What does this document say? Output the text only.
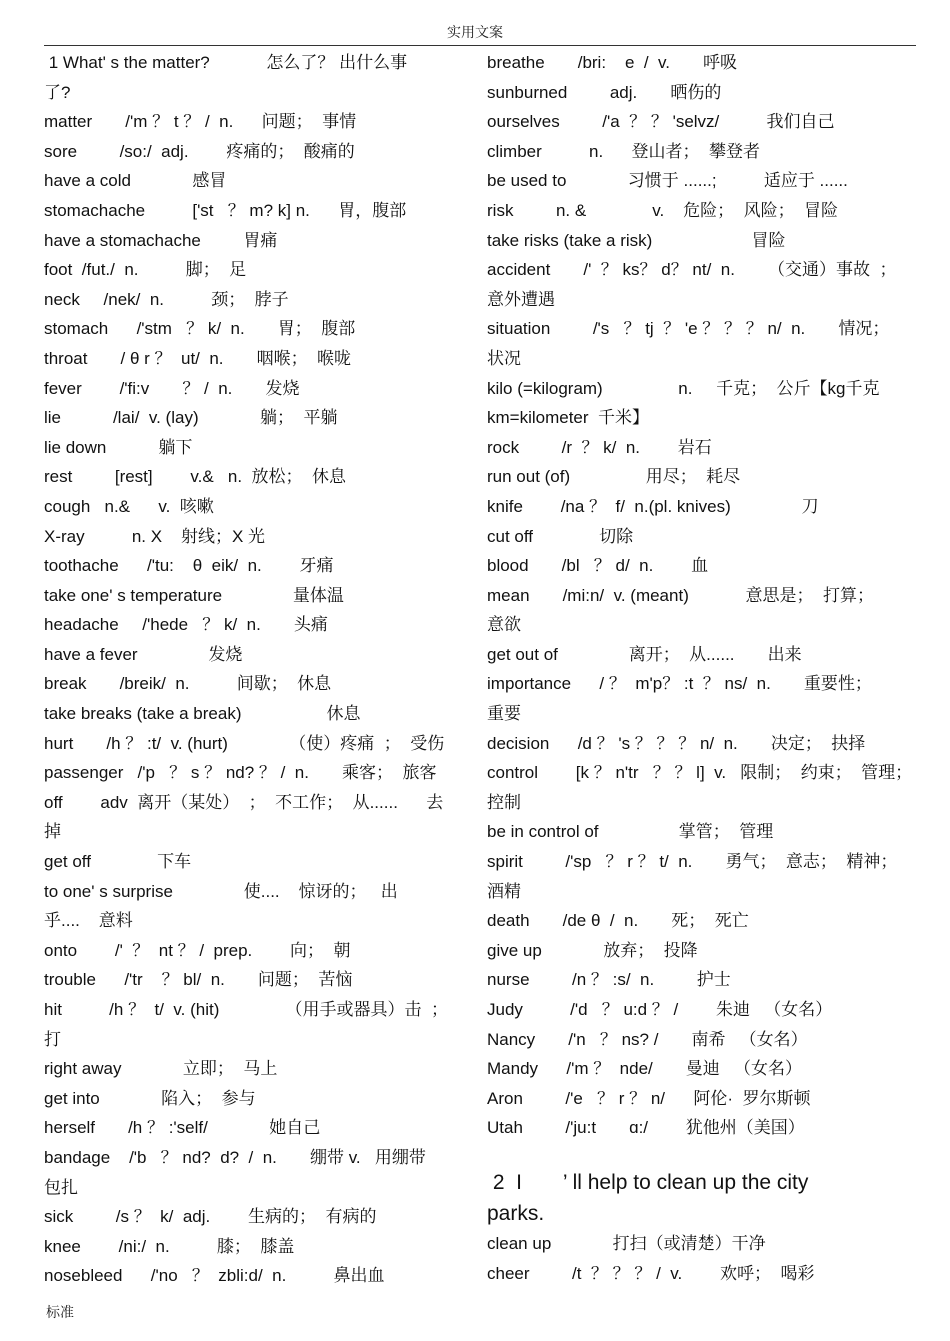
实用文案
1 What' s the matter?            怎么了？ 出什么事
了?
matter       /'m ？ t ？ /  n.      问题；  事情
sore         /so:/  adj.        疼痛的；  酸痛的
have a cold             感冒
stomachache          ['st   ？ m? k] n.      胃，腹部
have a stomachache         胃痛
foot  /fut./  n.          脚；  足
neck     /nek/  n.          颈；  脖子
stomach      /'stm   ？ k/  n.       胃；  腹部
throat       / θ r ？  ut/  n.       咽喉；  喉咙
fever        /'fi:v       ？ /  n.       发烧
lie           /lai/  v. (lay)             躺；  平躺
lie down           躺下
rest         [rest]        v.&   n.  放松；  休息
cough   n.&      v.  咳嗽
X-ray          n. X    射线；X 光
toothache      /'tu:    θ  eik/  n.        牙痛
take one' s temperature               量体温
headache     /'hede   ？ k/  n.       头痛
have a fever               发烧
break       /breik/  n.          间歇；  休息
take breaks (take a break)                  休息
hurt       /h ？ :t/  v. (hurt)             （使）疼痛  ；  受伤
passenger   /'p   ？ s ？ nd? ？ /  n.       乘客；  旅客
off        adv  离开（某处）  ；  不工作；  从......      去
掉
get off              下车
to one' s surprise               使....    惊讶的；   出
乎....    意料
onto        /'  ？  nt ？ /  prep.        向；  朝
trouble      /'tr    ？ bl/  n.       问题；  苦恼
hit          /h ？  t/  v. (hit)              （用手或器具）击  ；
打
right away             立即；  马上
get into             陷入；  参与
herself       /h ？ :'self/             她自己
bandage    /'b   ？ nd?  d?  /  n.       绷带 v.   用绷带
包扎
sick         /s ？  k/  adj.        生病的；  有病的
knee        /ni:/  n.          膝；  膝盖
nosebleed      /'no   ？  zbli:d/  n.          鼻出血
breathe       /bri:    e  /  v.       呼吸
sunburned         adj.       晒伤的
ourselves         /'a  ？ ？ 'selvz/          我们自己
climber          n.      登山者；  攀登者
be used to             习惯于 ......;          适应于 ......
risk         n. &              v.    危险；  风险；  冒险
take risks (take a risk)                     冒险
accident       /'  ？ ks？ d？ nt/  n.       （交通）事故  ；
意外遭遇
situation         /'s   ？ tj  ？ 'e ？ ？ ？ n/  n.       情况；
状况
kilo (=kilogram)                n.     千克；  公斤【kg千克
km=kilometer  千米】
rock         /r  ？ k/  n.        岩石
run out (of)                用尽；  耗尽
knife        /na ？  f/  n.(pl. knives)               刀
cut off              切除
blood       /bl   ？ d/  n.        血
mean       /mi:n/  v. (meant)            意思是；  打算；
意欲
get out of               离开；  从......       出来
importance      / ？  m'p？ :t  ？ ns/  n.       重要性；
重要
decision      /d ？ 's ？ ？ ？ n/  n.       决定；  抉择
control        [k ？ n'tr   ？ ？ l]  v.   限制；  约束；  管理；
控制
be in control of                 掌管；  管理
spirit         /'sp   ？ r ？ t/  n.       勇气；  意志；  精神；
酒精
death       /de θ  /  n.       死；  死亡
give up             放弃；  投降
nurse         /n ？ :s/  n.         护士
Judy          /'d   ？ u:d ？ /        朱迪   （女名）
Nancy       /'n   ？ ns? /       南希   （女名）
Mandy      /'m ？  nde/       曼迪   （女名）
Aron         /'e   ？ r ？ n/      阿伦·  罗尔斯顿
Utah         /'ju:t       ɑ:/        犹他州（美国）
2  I       ’ ll help to clean up the city
parks.
clean up             打扫（或清楚）干净
cheer         /t  ？ ？ ？ /  v.        欢呼；  喝彩
标准
